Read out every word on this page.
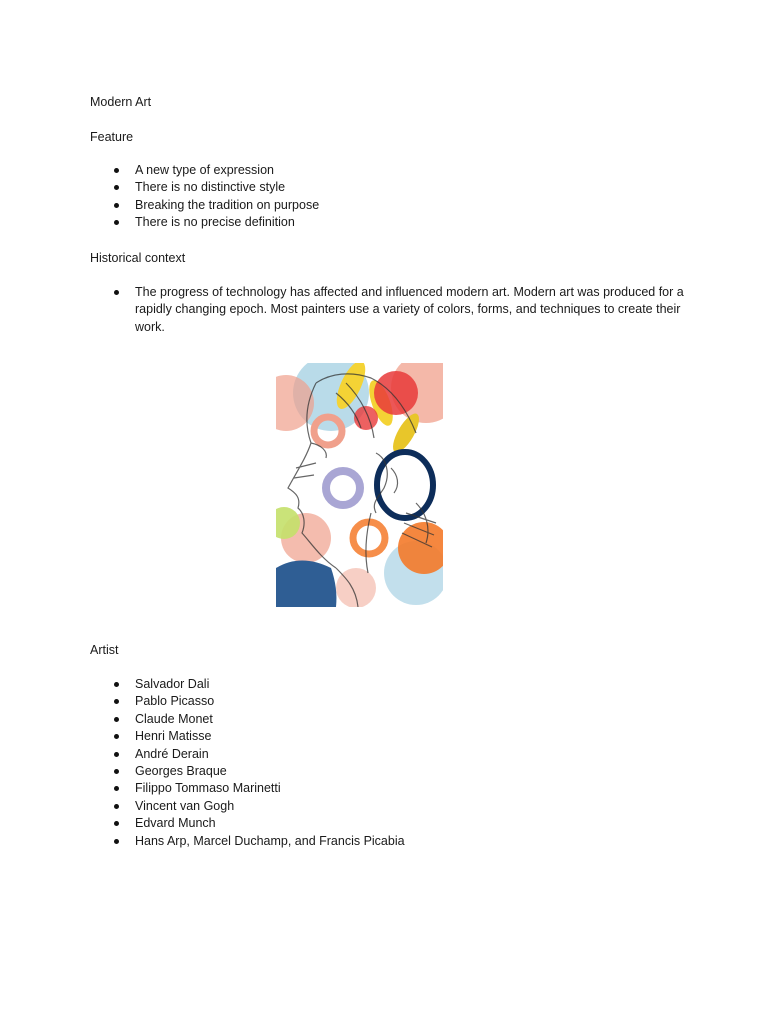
Modern Art
Feature
A new type of expression
There is no distinctive style
Breaking the tradition on purpose
There is no precise definition
Historical context
The progress of technology has affected and influenced modern art. Modern art was produced for a rapidly changing epoch. Most painters use a variety of colors, forms, and techniques to create their work.
Artist
Salvador Dali
Pablo Picasso
Claude Monet
Henri Matisse
André Derain
Georges Braque
Filippo Tommaso Marinetti
Vincent van Gogh
Edvard Munch
Hans Arp, Marcel Duchamp, and Francis Picabia
